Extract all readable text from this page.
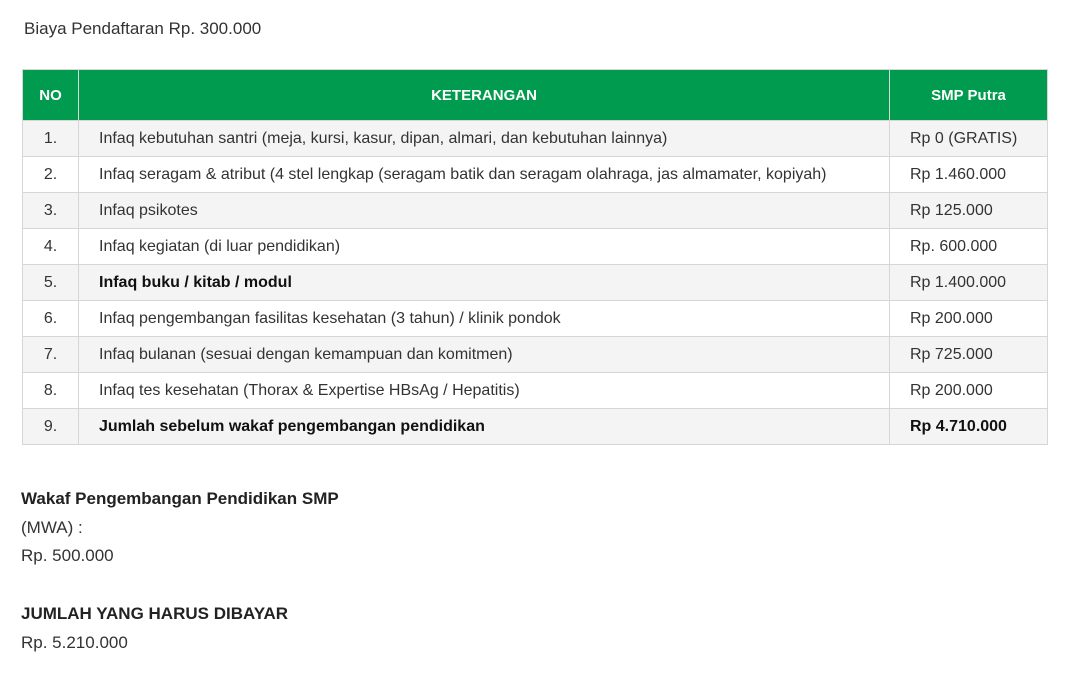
Biaya Pendaftaran Rp. 300.000
NO	KETERANGAN	SMP Putra
1.	Infaq kebutuhan santri (meja, kursi, kasur, dipan, almari, dan kebutuhan lainnya)	Rp 0 (GRATIS)
2.	Infaq seragam & atribut (4 stel lengkap (seragam batik dan seragam olahraga, jas almamater, kopiyah)	Rp 1.460.000
3.	Infaq psikotes	Rp 125.000
4.	Infaq kegiatan (di luar pendidikan)	Rp. 600.000
5.	Infaq buku / kitab / modul	Rp 1.400.000
6.	Infaq pengembangan fasilitas kesehatan (3 tahun) / klinik pondok	Rp 200.000
7.	Infaq bulanan (sesuai dengan kemampuan dan komitmen)	Rp 725.000
8.	Infaq tes kesehatan (Thorax & Expertise HBsAg / Hepatitis)	Rp 200.000
9.	Jumlah sebelum wakaf pengembangan pendidikan	Rp 4.710.000
Wakaf Pengembangan Pendidikan SMP
(MWA) :
Rp. 500.000
JUMLAH YANG HARUS DIBAYAR
Rp. 5.210.000
